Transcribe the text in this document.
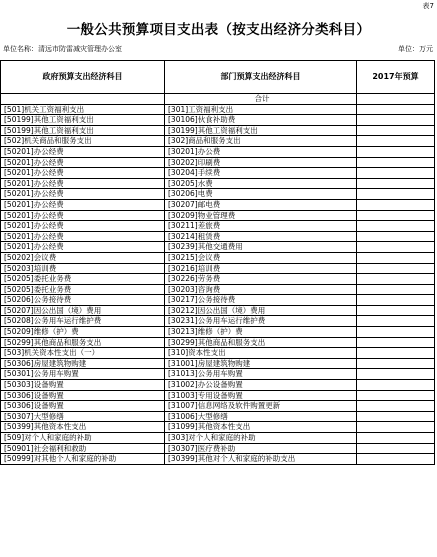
表7
一般公共预算项目支出表（按支出经济分类科目）
单位名称：清远市防雷减灾管理办公室	单位：万元
政府预算支出经济科目	部门预算支出经济科目	2017年预算
	合计	
[501]机关工资福利支出	[301]工资福利支出	
[50199]其他工资福利支出	[30106]伙食补助费	
[50199]其他工资福利支出	[30199]其他工资福利支出	
[502]机关商品和服务支出	[302]商品和服务支出	
[50201]办公经费	[30201]办公费	
[50201]办公经费	[30202]印刷费	
[50201]办公经费	[30204]手续费	
[50201]办公经费	[30205]水费	
[50201]办公经费	[30206]电费	
[50201]办公经费	[30207]邮电费	
[50201]办公经费	[30209]物业管理费	
[50201]办公经费	[30211]差旅费	
[50201]办公经费	[30214]租赁费	
[50201]办公经费	[30239]其他交通费用	
[50202]会议费	[30215]会议费	
[50203]培训费	[30216]培训费	
[50205]委托业务费	[30226]劳务费	
[50205]委托业务费	[30203]咨询费	
[50206]公务接待费	[30217]公务接待费	
[50207]因公出国（境）费用	[30212]因公出国（境）费用	
[50208]公务用车运行维护费	[30231]公务用车运行维护费	
[50209]维修（护）费	[30213]维修（护）费	
[50299]其他商品和服务支出	[30299]其他商品和服务支出	
[503]机关资本性支出（一）	[310]资本性支出	
[50306]房屋建筑物购建	[31001]房屋建筑物购建	
[50301]公务用车购置	[31013]公务用车购置	
[50303]设备购置	[31002]办公设备购置	
[50306]设备购置	[31003]专用设备购置	
[50306]设备购置	[31007]信息网络及软件购置更新	
[50307]大型修缮	[31006]大型修缮	
[50399]其他资本性支出	[31099]其他资本性支出	
[509]对个人和家庭的补助	[303]对个人和家庭的补助	
[50901]社会福利和救助	[30307]医疗费补助	
[50999]对其他个人和家庭的补助	[30399]其他对个人和家庭的补助支出	
